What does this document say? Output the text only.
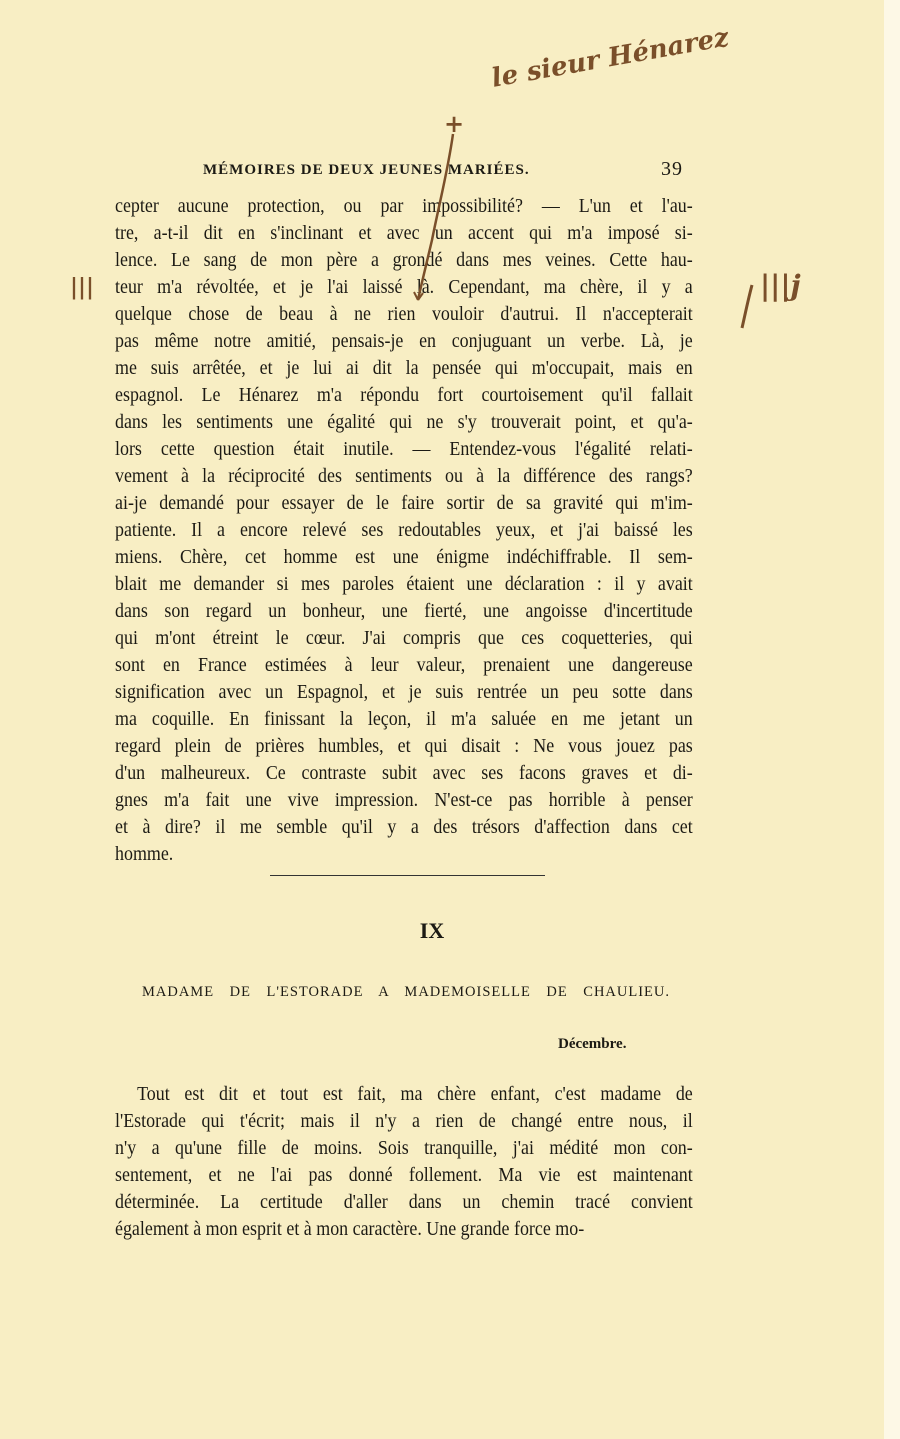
MÉMOIRES DE DEUX JEUNES MARIÉES.	39
cepter aucune protection, ou par impossibilité? — L'un et l'au-
tre, a-t-il dit en s'inclinant et avec un accent qui m'a imposé si-
lence. Le sang de mon père a grondé dans mes veines. Cette hau-
teur m'a révoltée, et je l'ai laissé là. Cependant, ma chère, il y a
quelque chose de beau à ne rien vouloir d'autrui. Il n'accepterait
pas même notre amitié, pensais-je en conjuguant un verbe. Là, je
me suis arrêtée, et je lui ai dit la pensée qui m'occupait, mais en
espagnol. Le Hénarez m'a répondu fort courtoisement qu'il fallait
dans les sentiments une égalité qui ne s'y trouverait point, et qu'a-
lors cette question était inutile. — Entendez-vous l'égalité relati-
vement à la réciprocité des sentiments ou à la différence des rangs?
ai-je demandé pour essayer de le faire sortir de sa gravité qui m'im-
patiente. Il a encore relevé ses redoutables yeux, et j'ai baissé les
miens. Chère, cet homme est une énigme indéchiffrable. Il sem-
blait me demander si mes paroles étaient une déclaration : il y avait
dans son regard un bonheur, une fierté, une angoisse d'incertitude
qui m'ont étreint le cœur. J'ai compris que ces coquetteries, qui
sont en France estimées à leur valeur, prenaient une dangereuse
signification avec un Espagnol, et je suis rentrée un peu sotte dans
ma coquille. En finissant la leçon, il m'a saluée en me jetant un
regard plein de prières humbles, et qui disait : Ne vous jouez pas
d'un malheureux. Ce contraste subit avec ses facons graves et di-
gnes m'a fait une vive impression. N'est-ce pas horrible à penser
et à dire? il me semble qu'il y a des trésors d'affection dans cet
homme.
IX
MADAME DE L'ESTORADE A MADEMOISELLE DE CHAULIEU.
Décembre.
Tout est dit et tout est fait, ma chère enfant, c'est madame de
l'Estorade qui t'écrit; mais il n'y a rien de changé entre nous, il
n'y a qu'une fille de moins. Sois tranquille, j'ai médité mon con-
sentement, et ne l'ai pas donné follement. Ma vie est maintenant
déterminée. La certitude d'aller dans un chemin tracé convient
également à mon esprit et à mon caractère. Une grande force mo-
+
le sieur Hénarez
|||j
|||
